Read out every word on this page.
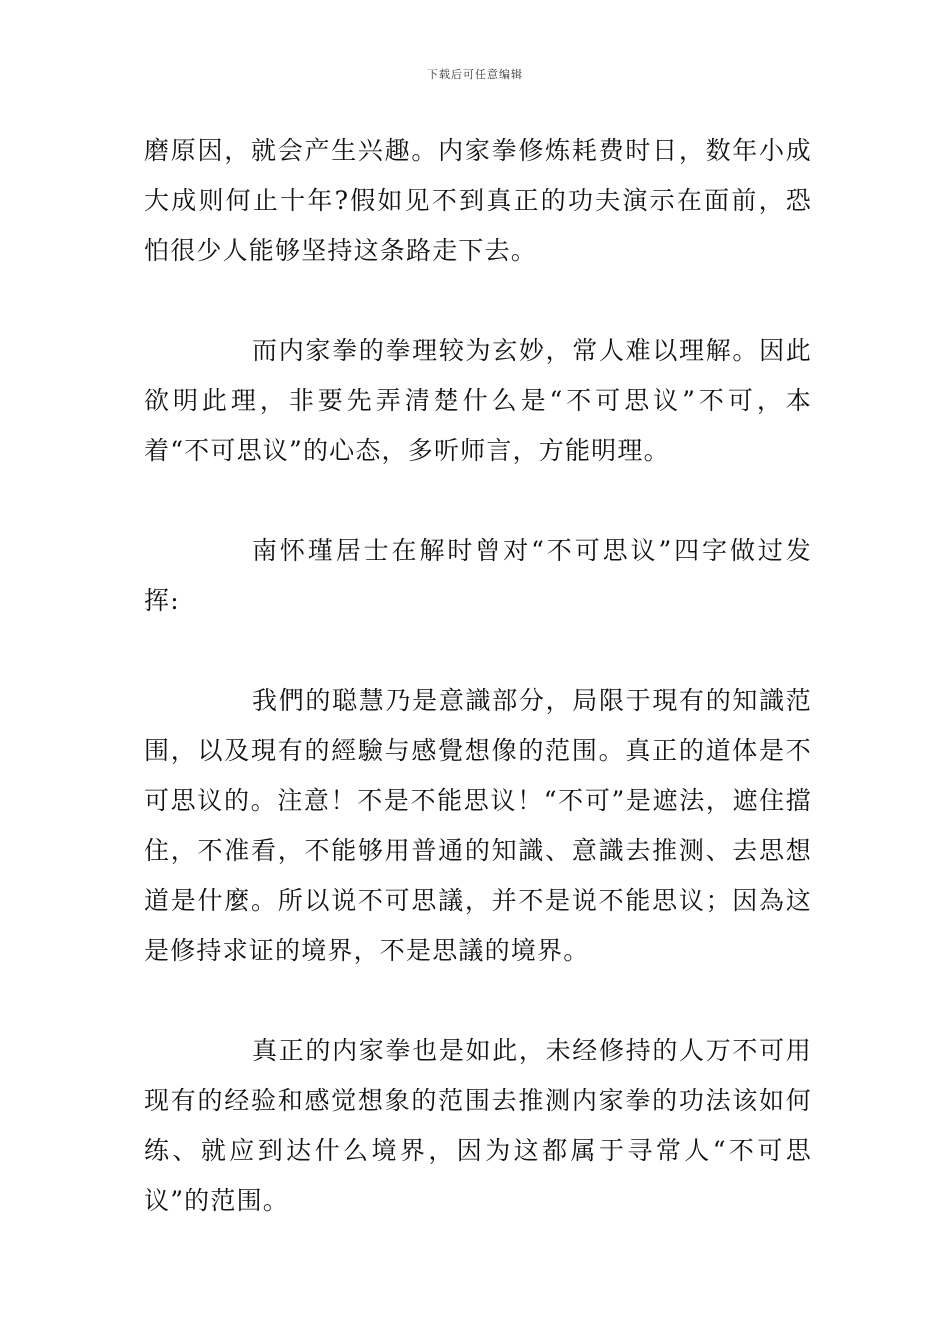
下载后可任意编辑

磨原因，就会产生兴趣。内家拳修炼耗费时日，数年小成大成则何止十年?假如见不到真正的功夫演示在面前，恐怕很少人能够坚持这条路走下去。

而内家拳的拳理较为玄妙，常人难以理解。因此欲明此理，非要先弄清楚什么是“不可思议”不可，本着“不可思议”的心态，多听师言，方能明理。

南怀瑾居士在解时曾对“不可思议”四字做过发挥:

我們的聪慧乃是意識部分，局限于現有的知識范围，以及現有的經驗与感覺想像的范围。真正的道体是不可思议的。注意！不是不能思议！“不可”是遮法，遮住擋住，不准看，不能够用普通的知識、意識去推测、去思想道是什麼。所以说不可思議，并不是说不能思议；因為这是修持求证的境界，不是思議的境界。

真正的内家拳也是如此，未经修持的人万不可用现有的经验和感觉想象的范围去推测内家拳的功法该如何练、就应到达什么境界，因为这都属于寻常人“不可思议”的范围。
